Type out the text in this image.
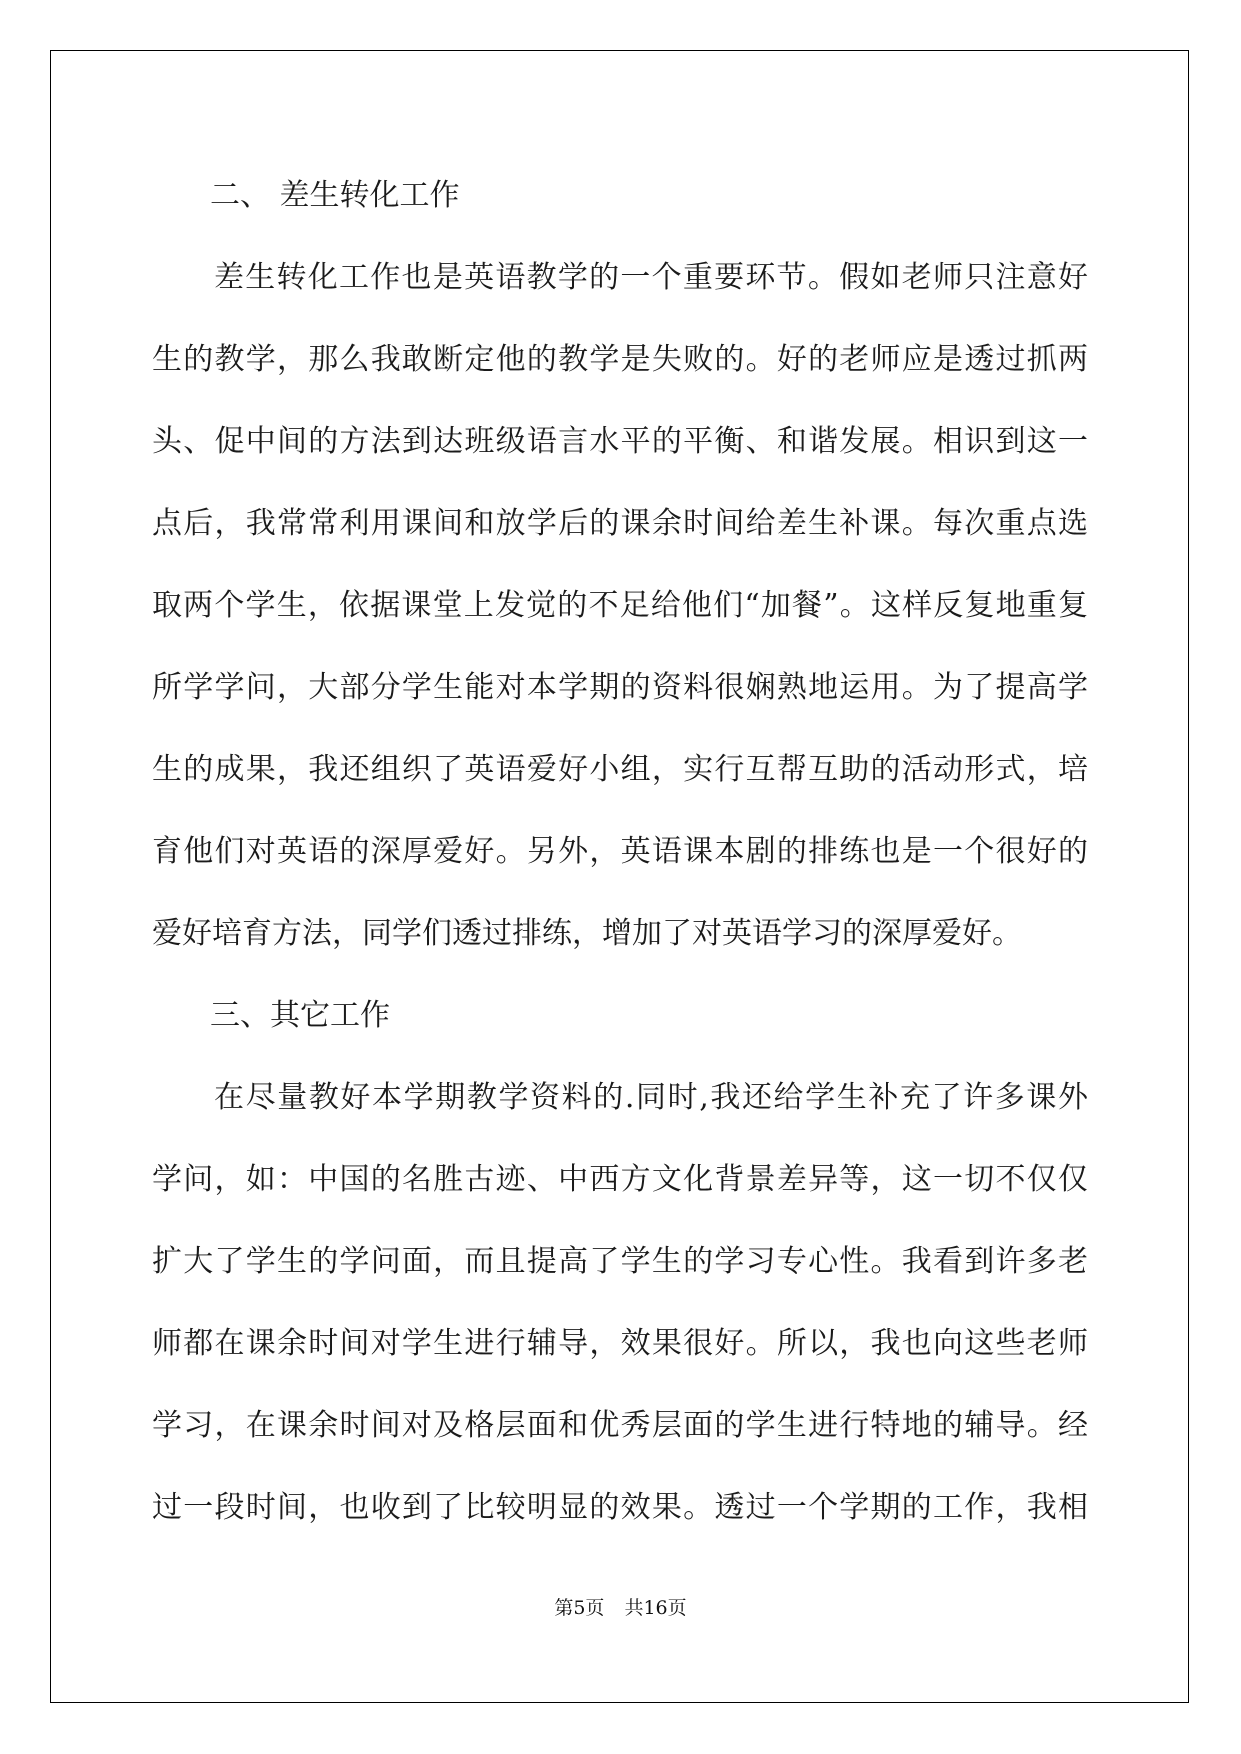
二、 差生转化工作
差生转化工作也是英语教学的一个重要环节。假如老师只注意好
生的教学，那么我敢断定他的教学是失败的。好的老师应是透过抓两
头、促中间的方法到达班级语言水平的平衡、和谐发展。相识到这一
点后，我常常利用课间和放学后的课余时间给差生补课。每次重点选
取两个学生，依据课堂上发觉的不足给他们“加餐”。这样反复地重复
所学学问，大部分学生能对本学期的资料很娴熟地运用。为了提高学
生的成果，我还组织了英语爱好小组，实行互帮互助的活动形式，培
育他们对英语的深厚爱好。另外，英语课本剧的排练也是一个很好的
爱好培育方法，同学们透过排练，增加了对英语学习的深厚爱好。
三、其它工作
在尽量教好本学期教学资料的.同时,我还给学生补充了许多课外
学问，如：中国的名胜古迹、中西方文化背景差异等，这一切不仅仅
扩大了学生的学问面，而且提高了学生的学习专心性。我看到许多老
师都在课余时间对学生进行辅导，效果很好。所以，我也向这些老师
学习，在课余时间对及格层面和优秀层面的学生进行特地的辅导。经
过一段时间，也收到了比较明显的效果。透过一个学期的工作，我相
第5页 共16页
